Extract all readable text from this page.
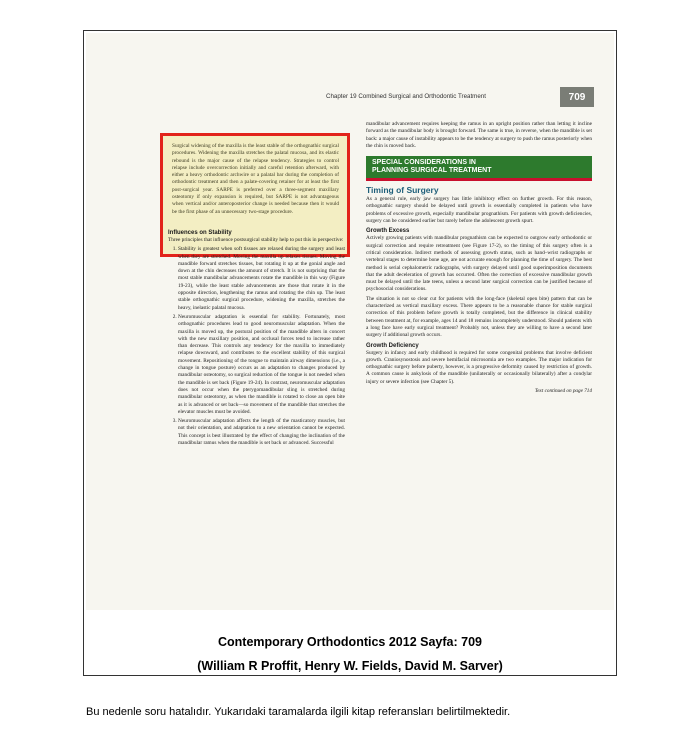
Chapter 19 Combined Surgical and Orthodontic Treatment	709
Surgical widening of the maxilla is the least stable of the orthognathic surgical procedures. Widening the maxilla stretches the palatal mucosa, and its elastic rebound is the major cause of the relapse tendency. Strategies to control relapse include overcorrection initially and careful retention afterward, with either a heavy orthodontic archwire or a palatal bar during the completion of orthodontic treatment and then a palate-covering retainer for at least the first post-surgical year. SARPE is preferred over a three-segment maxillary osteotomy if only expansion is required, but SARPE is not advantageous when vertical and/or anteroposterior change is needed because then it would be the first phase of an unnecessary two-stage procedure.

Influences on Stability

Three principles that influence postsurgical stability help to put this in perspective:

1. Stability is greatest when soft tissues are relaxed during the surgery and least when they are stretched. Moving the maxilla up relaxes tissues. Moving the mandible forward stretches tissues, but rotating it up at the gonial angle and down at the chin decreases the amount of stretch. It is not surprising that the most stable mandibular advancements rotate the mandible in this way (Figure 19-23), while the least stable advancements are those that rotate it in the opposite direction, lengthening the ramus and rotating the chin up. The least stable orthognathic surgical procedure, widening the maxilla, stretches the heavy, inelastic palatal mucosa.
2. Neuromuscular adaptation is essential for stability. Fortunately, most orthognathic procedures lead to good neuromuscular adaptation. When the maxilla is moved up, the postural position of the mandible alters in concert with the new maxillary position, and occlusal forces tend to increase rather than decrease. This controls any tendency for the maxilla to immediately relapse downward, and contributes to the excellent stability of this surgical movement. Repositioning of the tongue to maintain airway dimensions (i.e., a change in tongue posture) occurs as an adaptation to changes produced by mandibular osteotomy, so surgical reduction of the tongue is not needed when the mandible is set back (Figure 19-24). In contrast, neuromuscular adaptation does not occur when the pterygomandibular sling is stretched during mandibular osteotomy, as when the mandible is rotated to close an open bite as it is advanced or set back—so movement of the mandible that stretches the elevator muscles must be avoided.
3. Neuromuscular adaptation affects the length of the masticatory muscles, but not their orientation, and adaptation to a new orientation cannot be expected. This concept is best illustrated by the effect of changing the inclination of the mandibular ramus when the mandible is set back or advanced. Successful

mandibular advancement requires keeping the ramus in an upright position rather than letting it incline forward as the mandibular body is brought forward. The same is true, in reverse, when the mandible is set back: a major cause of instability appears to be the tendency at surgery to push the ramus posteriorly when the chin is moved back.

SPECIAL CONSIDERATIONS IN
PLANNING SURGICAL TREATMENT

Timing of Surgery

As a general rule, early jaw surgery has little inhibitory effect on further growth. For this reason, orthognathic surgery should be delayed until growth is essentially completed in patients who have problems of excessive growth, especially mandibular prognathism. For patients with growth deficiencies, surgery can be considered earlier but rarely before the adolescent growth spurt.

Growth Excess

Actively growing patients with mandibular prognathism can be expected to outgrow early orthodontic or surgical correction and require retreatment (see Figure 17-2), so the timing of this surgery often is a critical consideration. Indirect methods of assessing growth status, such as hand–wrist radiographs or vertebral stages to determine bone age, are not accurate enough for planning the time of surgery. The best method is serial cephalometric radiographs, with surgery delayed until good superimposition documents that the adult deceleration of growth has occurred. Often the correction of excessive mandibular growth must be delayed until the late teens, unless a second later surgical correction can be justified because of psychosocial considerations.

The situation is not so clear cut for patients with the long-face (skeletal open bite) pattern that can be characterized as vertical maxillary excess. There appears to be a reasonable chance for stable surgical correction of this problem before growth is totally completed, but the difference in clinical stability between treatment at, for example, ages 14 and 18 remains incompletely understood. Should patients with a long face have early surgical treatment? Probably not, unless they are willing to have a second later surgery if additional growth occurs.

Growth Deficiency

Surgery in infancy and early childhood is required for some congenital problems that involve deficient growth. Craniosynostosis and severe hemifacial microsomia are two examples. The major indication for orthognathic surgery before puberty, however, is a progressive deformity caused by restriction of growth. A common cause is ankylosis of the mandible (unilaterally or occasionally bilaterally) after a condylar injury or severe infection (see Chapter 5).

Text continued on page 714

Contemporary Orthodontics 2012 Sayfa: 709
(William R Proffit, Henry W. Fields, David M. Sarver)
Bu nedenle soru hatalıdır. Yukarıdaki taramalarda ilgili kitap referansları belirtilmektedir.
